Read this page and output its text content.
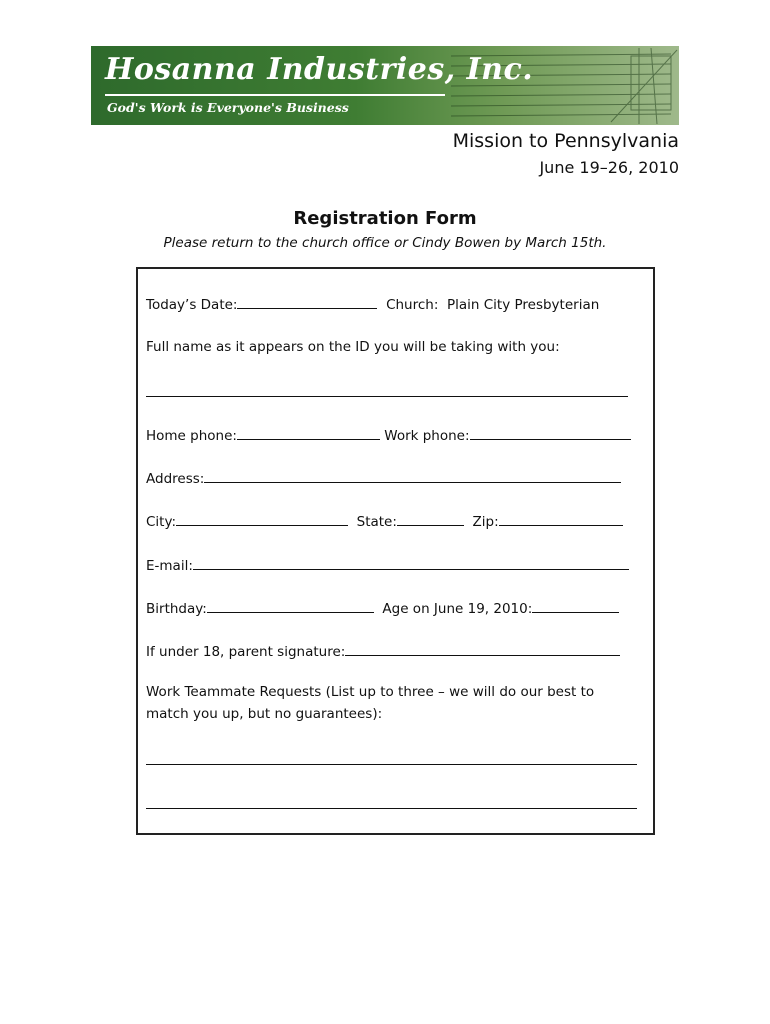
Hosanna Industries, Inc.
God's Work is Everyone's Business
Mission to Pennsylvania
June 19–26, 2010
Registration Form
Please return to the church office or Cindy Bowen by March 15th.
Today’s Date:	Church:  Plain City Presbyterian
Full name as it appears on the ID you will be taking with you:
Home phone:	Work phone:
Address:
City:	State:	Zip:
E-mail:
Birthday:	Age on June 19, 2010:
If under 18, parent signature:
Work Teammate Requests (List up to three – we will do our best to
match you up, but no guarantees):
